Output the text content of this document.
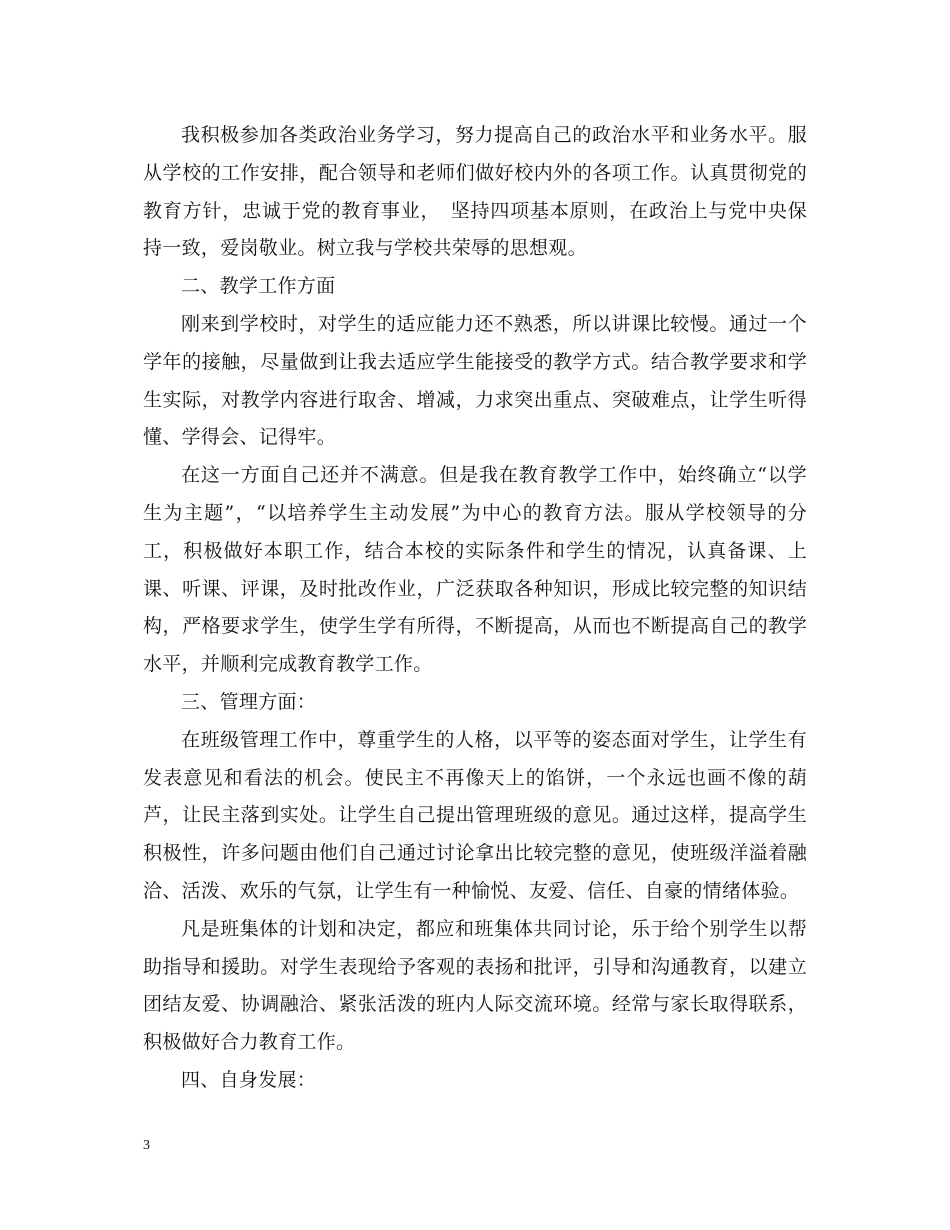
我积极参加各类政治业务学习，努力提高自己的政治水平和业务水平。服从学校的工作安排，配合领导和老师们做好校内外的各项工作。认真贯彻党的教育方针，忠诚于党的教育事业，　坚持四项基本原则，在政治上与党中央保持一致，爱岗敬业。树立我与学校共荣辱的思想观。

二、教学工作方面

刚来到学校时，对学生的适应能力还不熟悉，所以讲课比较慢。通过一个学年的接触，尽量做到让我去适应学生能接受的教学方式。结合教学要求和学生实际，对教学内容进行取舍、增减，力求突出重点、突破难点，让学生听得懂、学得会、记得牢。

在这一方面自己还并不满意。但是我在教育教学工作中，始终确立“以学生为主题”，“以培养学生主动发展”为中心的教育方法。服从学校领导的分工，积极做好本职工作，结合本校的实际条件和学生的情况，认真备课、上课、听课、评课，及时批改作业，广泛获取各种知识，形成比较完整的知识结构，严格要求学生，使学生学有所得，不断提高，从而也不断提高自己的教学水平，并顺利完成教育教学工作。

三、管理方面：

在班级管理工作中，尊重学生的人格，以平等的姿态面对学生，让学生有发表意见和看法的机会。使民主不再像天上的馅饼，一个永远也画不像的葫芦，让民主落到实处。让学生自己提出管理班级的意见。通过这样，提高学生积极性，许多问题由他们自己通过讨论拿出比较完整的意见，使班级洋溢着融洽、活泼、欢乐的气氛，让学生有一种愉悦、友爱、信任、自豪的情绪体验。

凡是班集体的计划和决定，都应和班集体共同讨论，乐于给个别学生以帮助指导和援助。对学生表现给予客观的表扬和批评，引导和沟通教育，以建立团结友爱、协调融洽、紧张活泼的班内人际交流环境。经常与家长取得联系，积极做好合力教育工作。

四、自身发展：

3
